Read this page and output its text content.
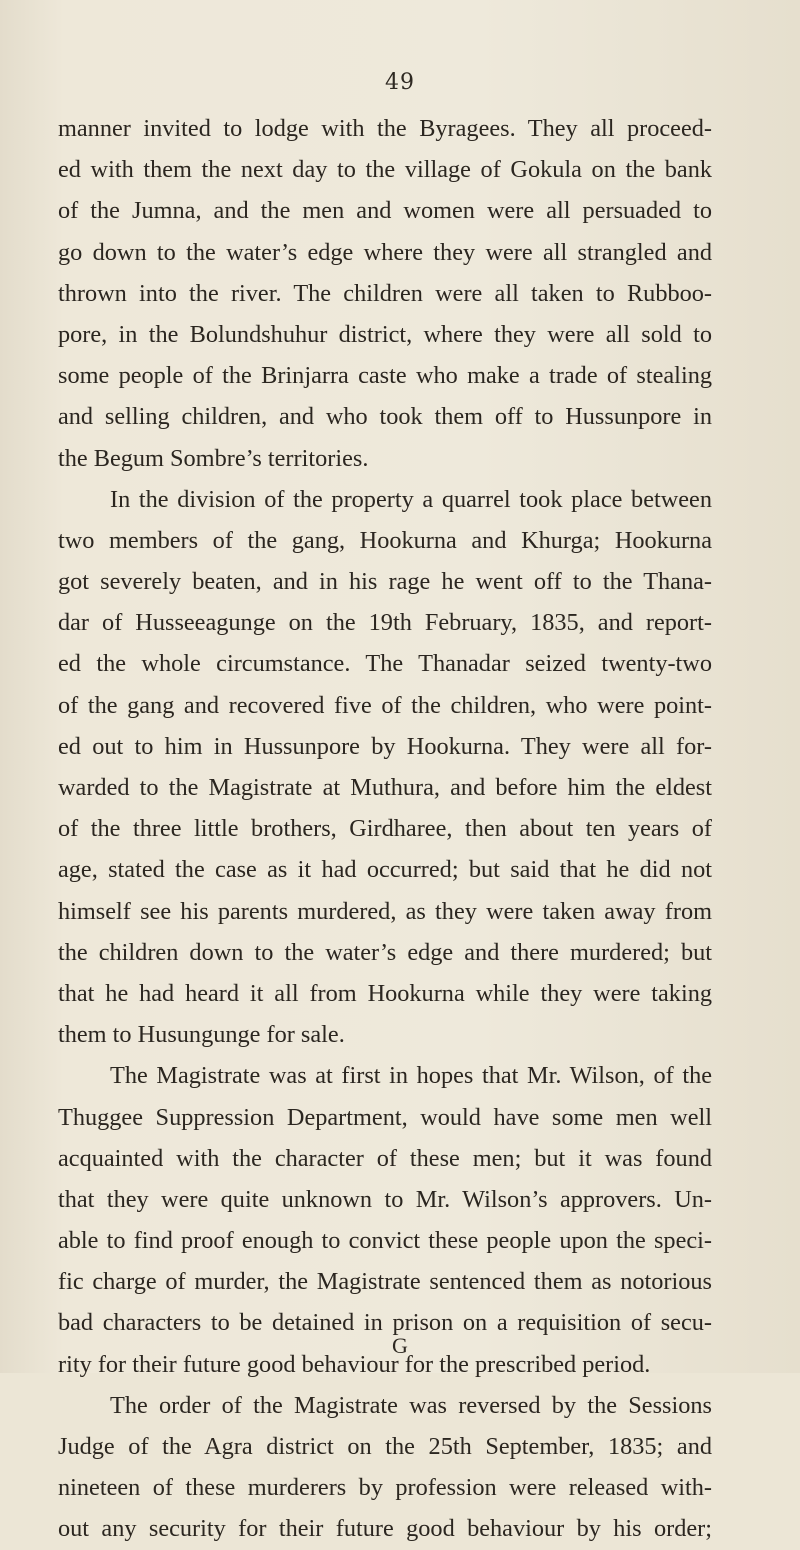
49
manner invited to lodge with the Byragees. They all proceed-
ed with them the next day to the village of Gokula on the bank
of the Jumna, and the men and women were all persuaded to
go down to the water’s edge where they were all strangled and
thrown into the river. The children were all taken to Rubboo-
pore, in the Bolundshuhur district, where they were all sold to
some people of the Brinjarra caste who make a trade of stealing
and selling children, and who took them off to Hussunpore in
the Begum Sombre’s territories.
In the division of the property a quarrel took place between
two members of the gang, Hookurna and Khurga; Hookurna
got severely beaten, and in his rage he went off to the Thana-
dar of Husseeagunge on the 19th February, 1835, and report-
ed the whole circumstance. The Thanadar seized twenty-two
of the gang and recovered five of the children, who were point-
ed out to him in Hussunpore by Hookurna. They were all for-
warded to the Magistrate at Muthura, and before him the eldest
of the three little brothers, Girdharee, then about ten years of
age, stated the case as it had occurred; but said that he did not
himself see his parents murdered, as they were taken away from
the children down to the water’s edge and there murdered; but
that he had heard it all from Hookurna while they were taking
them to Husungunge for sale.
The Magistrate was at first in hopes that Mr. Wilson, of the
Thuggee Suppression Department, would have some men well
acquainted with the character of these men; but it was found
that they were quite unknown to Mr. Wilson’s approvers. Un-
able to find proof enough to convict these people upon the speci-
fic charge of murder, the Magistrate sentenced them as notorious
bad characters to be detained in prison on a requisition of secu-
rity for their future good behaviour for the prescribed period.
The order of the Magistrate was reversed by the Sessions
Judge of the Agra district on the 25th September, 1835; and
nineteen of these murderers by profession were released with-
out any security for their future good behaviour by his order;
G
